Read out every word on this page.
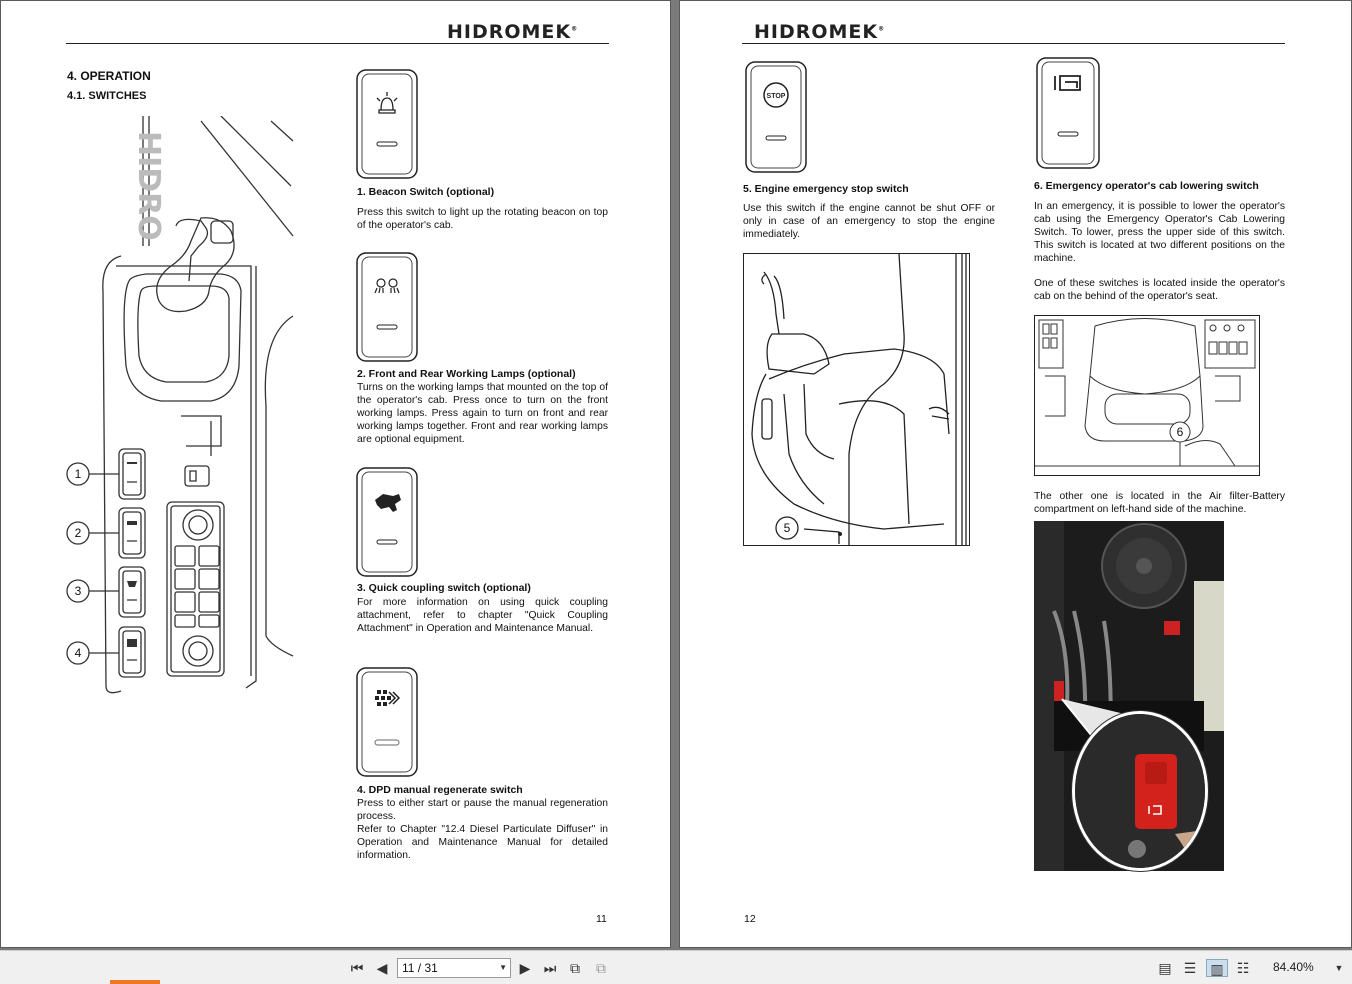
HIDROMEK®
4. OPERATION
4.1. SWITCHES
HIDRO
1
2
3
4
1. Beacon Switch (optional)
Press this switch to light up the rotating beacon on top of the operator's cab.
2. Front and Rear Working Lamps (optional)
Turns on the working lamps that mounted on the top of the operator's cab. Press once to turn on the front working lamps. Press again to turn on front and rear working lamps together. Front and rear working lamps are optional equipment.
3. Quick coupling switch (optional)
For more information on using quick coupling attachment, refer to chapter "Quick Coupling Attachment" in Operation and Maintenance Manual.
4. DPD manual regenerate switch
Press to either start or pause the manual regeneration process.
Refer to Chapter "12.4 Diesel Particulate Diffuser" in Operation and Maintenance Manual for detailed information.
11
HIDROMEK®
STOP
5. Engine emergency stop switch
Use this switch if the engine cannot be shut OFF or only in case of an emergency to stop the engine immediately.
5
6. Emergency operator's cab lowering switch
In an emergency, it is possible to lower the operator's cab using the Emergency Operator's Cab Lowering Switch. To lower, press the upper side of this switch. This switch is located at two different positions on the machine.
One of these switches is located inside the operator's cab on the behind of the operator's seat.
6
The other one is located in the Air filter-Battery compartment on left-hand side of the machine.
12
⏮ ◀	11 / 31	▼ ▶ ⏭ ⧉ ⧉	▤ ☰	▥ ☷ 84.40%	▼
